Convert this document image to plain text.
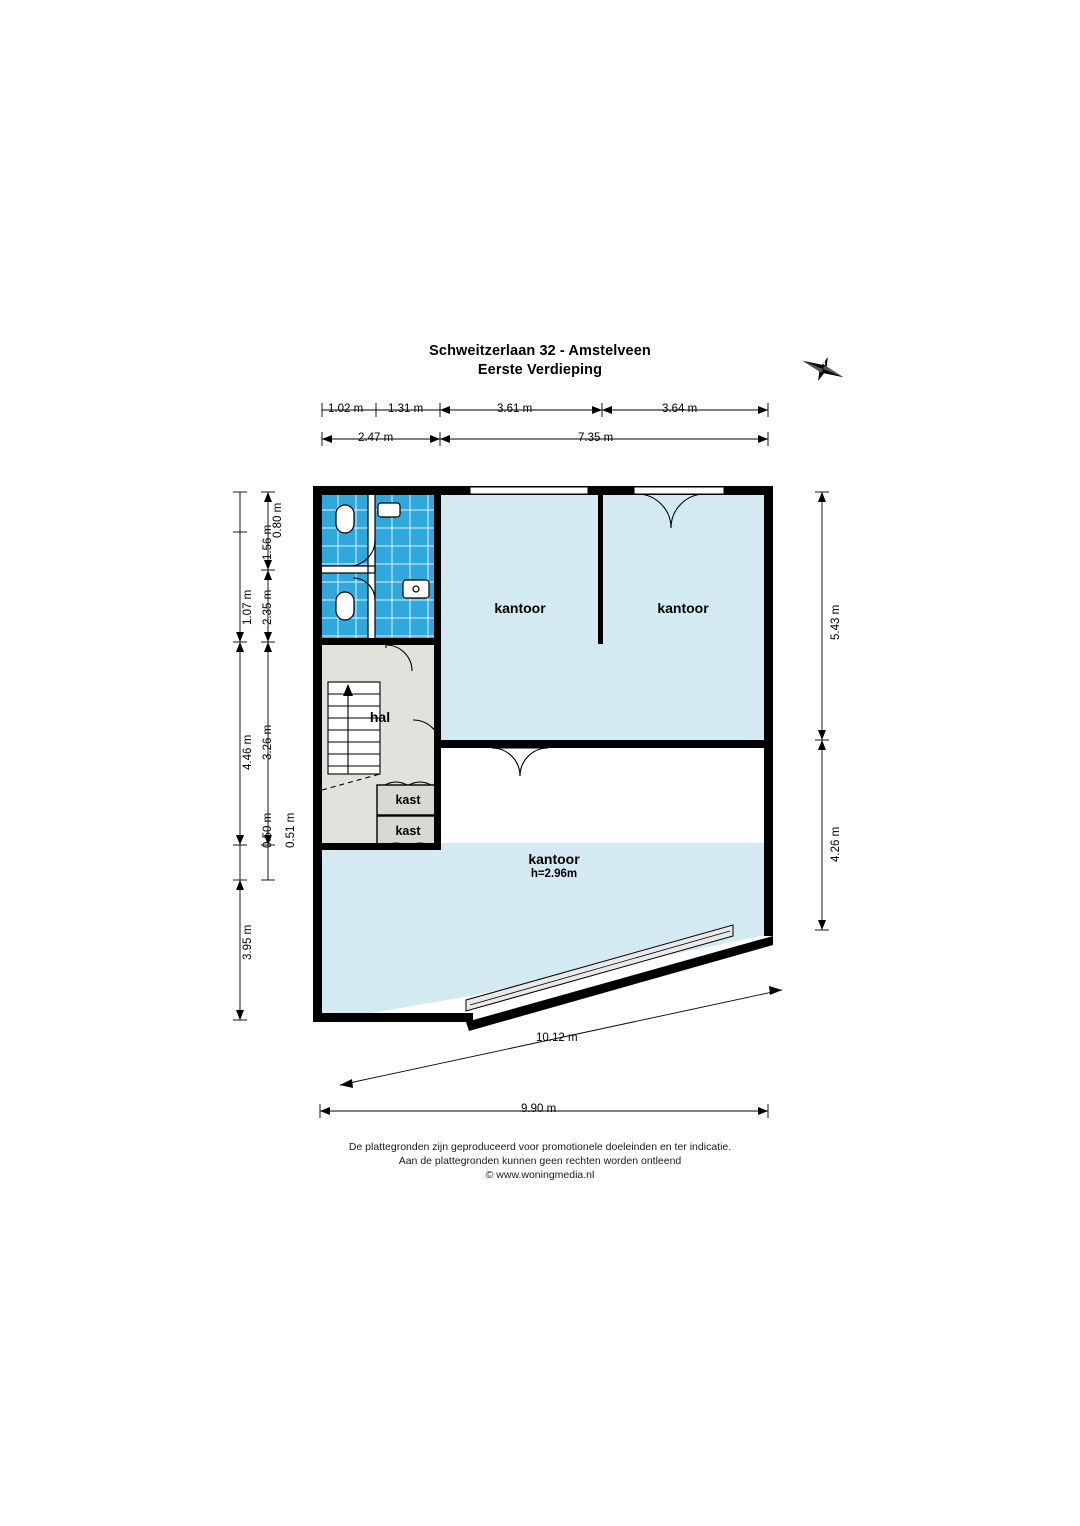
Schweitzerlaan 32 - Amstelveen
Eerste Verdieping	N
1.02 m 1.31 m	3.61 m	3.64 m
2.47 m	7.35 m
1.56 m
2.35 m
3.26 m
0.50 m
0.80 m
1.07 m
4.46 m
0.51 m
3.95 m
5.43 m
4.26 m
10.12 m
9.90 m
kantoor	kantoor
kantoor
h=2.96m
hal
kast
kast
De plattegronden zijn geproduceerd voor promotionele doeleinden en ter indicatie.
Aan de plattegronden kunnen geen rechten worden ontleend
© www.woningmedia.nl
